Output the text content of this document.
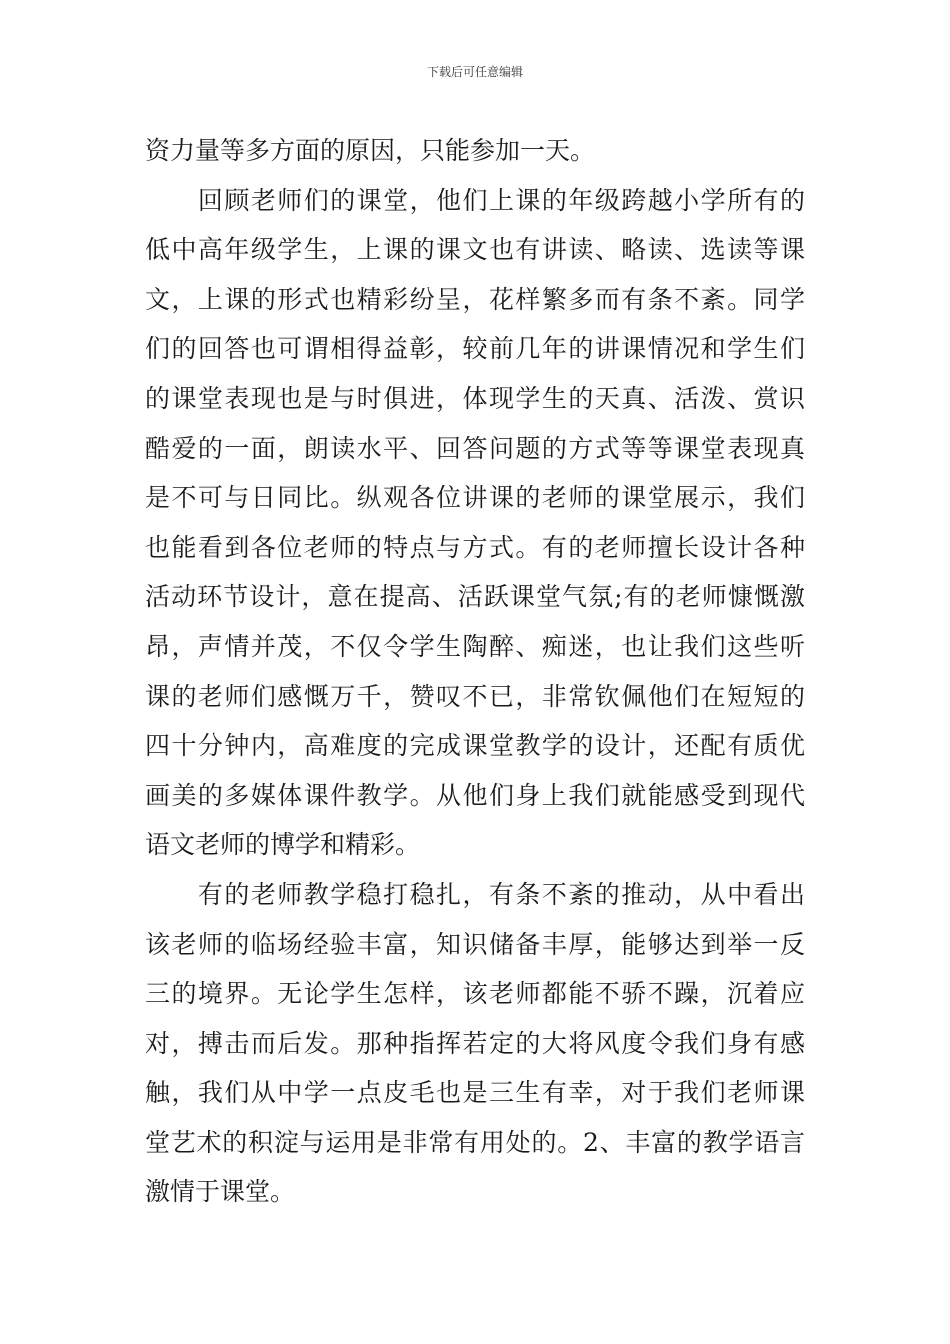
下载后可任意编辑
资力量等多方面的原因，只能参加一天。
　　回顾老师们的课堂，他们上课的年级跨越小学所有的
低中高年级学生，上课的课文也有讲读、略读、选读等课
文，上课的形式也精彩纷呈，花样繁多而有条不紊。同学
们的回答也可谓相得益彰，较前几年的讲课情况和学生们
的课堂表现也是与时俱进，体现学生的天真、活泼、赏识
酷爱的一面，朗读水平、回答问题的方式等等课堂表现真
是不可与日同比。纵观各位讲课的老师的课堂展示，我们
也能看到各位老师的特点与方式。有的老师擅长设计各种
活动环节设计，意在提高、活跃课堂气氛;有的老师慷慨激
昂，声情并茂，不仅令学生陶醉、痴迷，也让我们这些听
课的老师们感慨万千，赞叹不已，非常钦佩他们在短短的
四十分钟内，高难度的完成课堂教学的设计，还配有质优
画美的多媒体课件教学。从他们身上我们就能感受到现代
语文老师的博学和精彩。
　　有的老师教学稳打稳扎，有条不紊的推动，从中看出
该老师的临场经验丰富，知识储备丰厚，能够达到举一反
三的境界。无论学生怎样，该老师都能不骄不躁，沉着应
对，搏击而后发。那种指挥若定的大将风度令我们身有感
触，我们从中学一点皮毛也是三生有幸，对于我们老师课
堂艺术的积淀与运用是非常有用处的。2、丰富的教学语言
激情于课堂。
